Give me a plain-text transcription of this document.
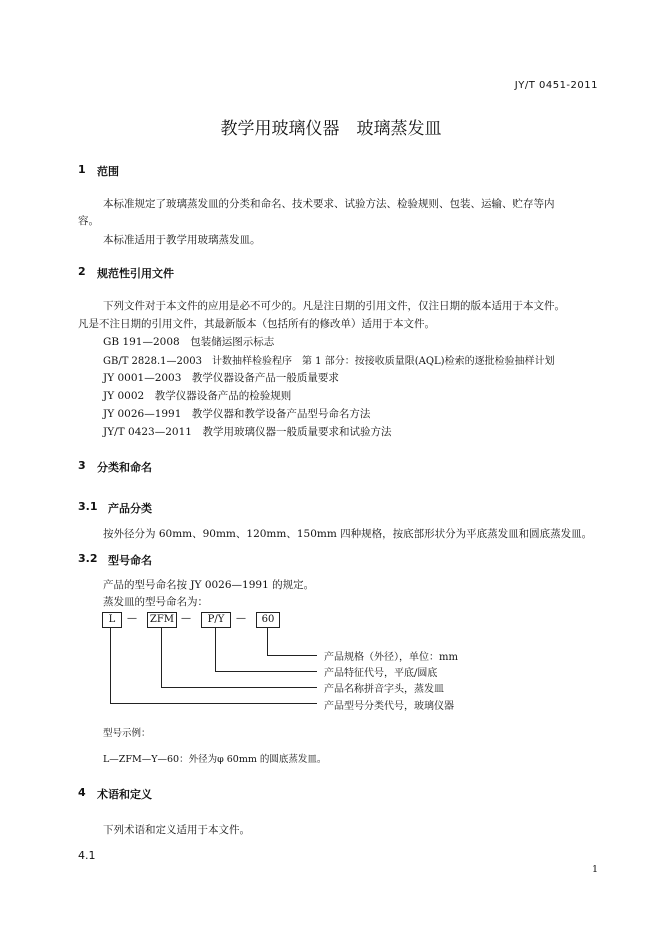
JY/T 0451-2011
教学用玻璃仪器　玻璃蒸发皿
1 范围
本标准规定了玻璃蒸发皿的分类和命名、技术要求、试验方法、检验规则、包装、运输、贮存等内
容。
本标准适用于教学用玻璃蒸发皿。
2 规范性引用文件
下列文件对于本文件的应用是必不可少的。凡是注日期的引用文件，仅注日期的版本适用于本文件。
凡是不注日期的引用文件，其最新版本（包括所有的修改单）适用于本文件。
GB 191—2008　包装储运图示标志
GB/T 2828.1—2003　计数抽样检验程序　第 1 部分：按接收质量限(AQL)检索的逐批检验抽样计划
JY 0001—2003　教学仪器设备产品一般质量要求
JY 0002　教学仪器设备产品的检验规则
JY 0026—1991　教学仪器和教学设备产品型号命名方法
JY/T 0423—2011　教学用玻璃仪器一般质量要求和试验方法
3 分类和命名
3.1 产品分类
按外径分为 60mm、90mm、120mm、150mm 四种规格，按底部形状分为平底蒸发皿和圆底蒸发皿。
3.2 型号命名
产品的型号命名按 JY 0026—1991 的规定。
蒸发皿的型号命名为：
L	— ZFM —	P/Y	—	60
产品规格（外径），单位：mm
产品特征代号，平底/圆底
产品名称拼音字头，蒸发皿
产品型号分类代号，玻璃仪器
型号示例：
L—ZFM—Y—60：外径为φ 60mm 的圆底蒸发皿。
4 术语和定义
下列术语和定义适用于本文件。
4.1
1
